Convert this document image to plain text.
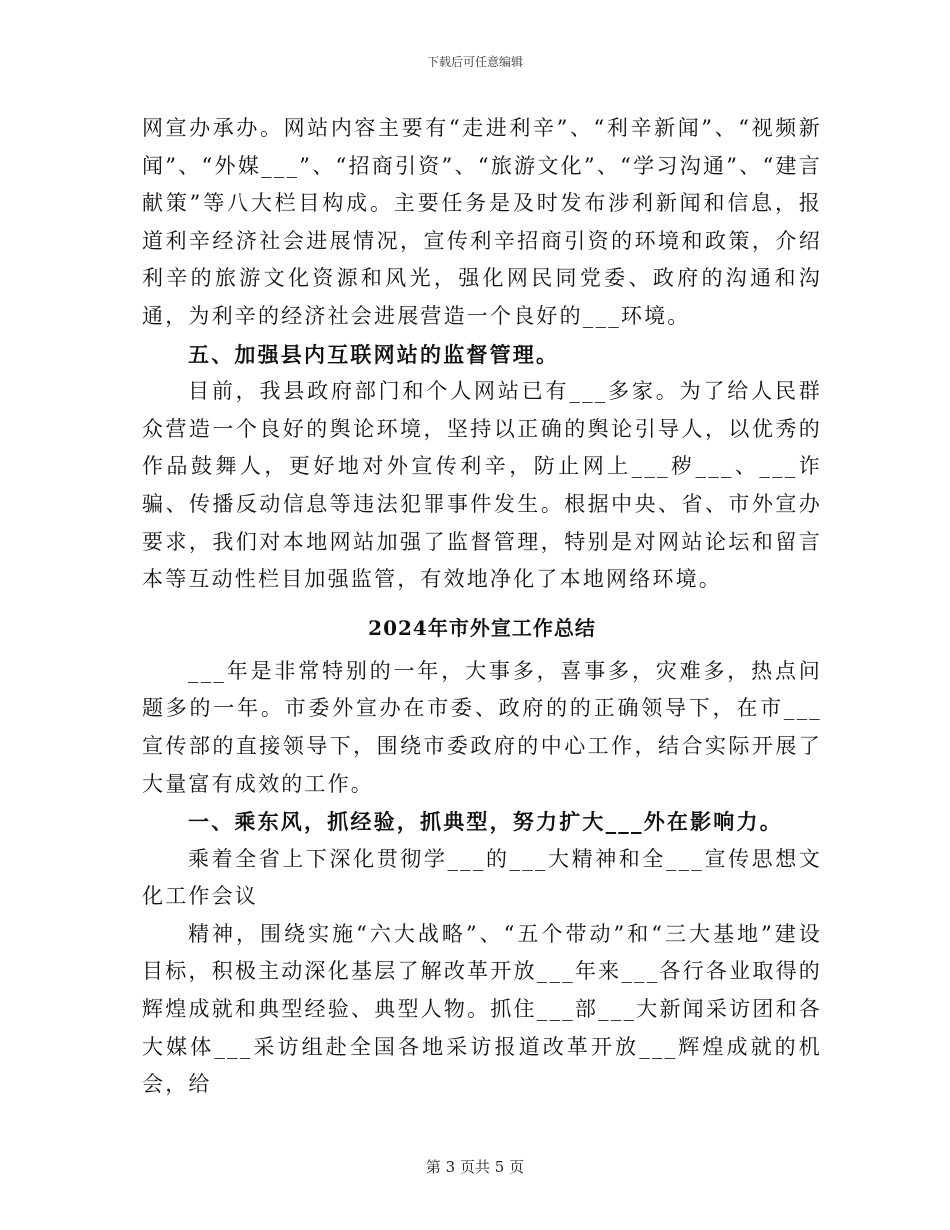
下载后可任意编辑

网宣办承办。网站内容主要有“走进利辛”、“利辛新闻”、“视频新闻”、“外媒___”、“招商引资”、“旅游文化”、“学习沟通”、“建言献策”等八大栏目构成。主要任务是及时发布涉利新闻和信息，报道利辛经济社会进展情况，宣传利辛招商引资的环境和政策，介绍利辛的旅游文化资源和风光，强化网民同党委、政府的沟通和沟通，为利辛的经济社会进展营造一个良好的___环境。

五、加强县内互联网站的监督管理。

目前，我县政府部门和个人网站已有___多家。为了给人民群众营造一个良好的舆论环境，坚持以正确的舆论引导人，以优秀的作品鼓舞人，更好地对外宣传利辛，防止网上___秽___、___诈骗、传播反动信息等违法犯罪事件发生。根据中央、省、市外宣办要求，我们对本地网站加强了监督管理，特别是对网站论坛和留言本等互动性栏目加强监管，有效地净化了本地网络环境。

2024年市外宣工作总结

___年是非常特别的一年，大事多，喜事多，灾难多，热点问题多的一年。市委外宣办在市委、政府的的正确领导下，在市___宣传部的直接领导下，围绕市委政府的中心工作，结合实际开展了大量富有成效的工作。

一、乘东风，抓经验，抓典型，努力扩大___外在影响力。

乘着全省上下深化贯彻学___的___大精神和全___宣传思想文化工作会议

精神，围绕实施“六大战略”、“五个带动”和“三大基地”建设目标，积极主动深化基层了解改革开放___年来___各行各业取得的辉煌成就和典型经验、典型人物。抓住___部___大新闻采访团和各大媒体___采访组赴全国各地采访报道改革开放___辉煌成就的机会，给

第 3 页共 5 页
